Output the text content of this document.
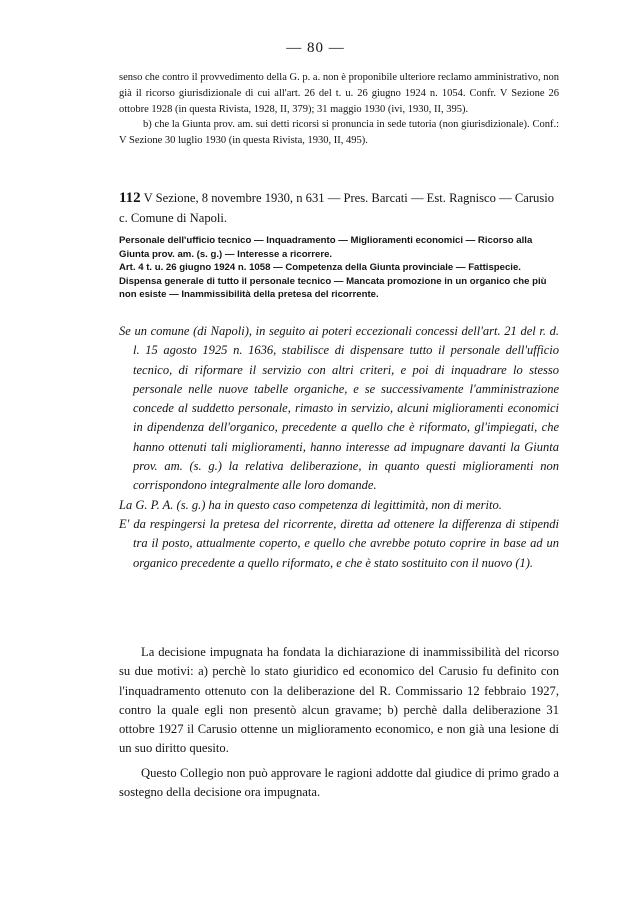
— 80 —

senso che contro il provvedimento della G. p. a. non è proponibile ulteriore reclamo amministrativo, non già il ricorso giurisdizionale di cui all'art. 26 del t. u. 26 giugno 1924 n. 1054. Confr. V Sezione 26 ottobre 1928 (in questa Rivista, 1928, II, 379); 31 maggio 1930 (ivi, 1930, II, 395).

b) che la Giunta prov. am. sui detti ricorsi si pronuncia in sede tutoria (non giurisdizionale). Conf.: V Sezione 30 luglio 1930 (in questa Rivista, 1930, II, 495).

112 V Sezione, 8 novembre 1930, n 631 — Pres. Barcati — Est. Ragnisco — Carusio c. Comune di Napoli.

Personale dell'ufficio tecnico — Inquadramento — Miglioramenti economici — Ricorso alla Giunta prov. am. (s. g.) — Interesse a ricorrere.

Art. 4 t. u. 26 giugno 1924 n. 1058 — Competenza della Giunta provinciale — Fattispecie.

Dispensa generale di tutto il personale tecnico — Mancata promozione in un organico che più non esiste — Inammissibilità della pretesa del ricorrente.

Se un comune (di Napoli), in seguito ai poteri eccezionali concessi dell'art. 21 del r. d. l. 15 agosto 1925 n. 1636, stabilisce di dispensare tutto il personale dell'ufficio tecnico, di riformare il servizio con altri criteri, e poi di inquadrare lo stesso personale nelle nuove tabelle organiche, e se successivamente l'amministrazione concede al suddetto personale, rimasto in servizio, alcuni miglioramenti economici in dipendenza dell'organico, precedente a quello che è riformato, gl'impiegati, che hanno ottenuti tali miglioramenti, hanno interesse ad impugnare davanti la Giunta prov. am. (s. g.) la relativa deliberazione, in quanto questi miglioramenti non corrispondono integralmente alle loro domande.

La G. P. A. (s. g.) ha in questo caso competenza di legittimità, non di merito.

E' da respingersi la pretesa del ricorrente, diretta ad ottenere la differenza di stipendi tra il posto, attualmente coperto, e quello che avrebbe potuto coprire in base ad un organico precedente a quello riformato, e che è stato sostituito con il nuovo (1).

La decisione impugnata ha fondata la dichiarazione di inammissibilità del ricorso su due motivi: a) perchè lo stato giuridico ed economico del Carusio fu definito con l'inquadramento ottenuto con la deliberazione del R. Commissario 12 febbraio 1927, contro la quale egli non presentò alcun gravame; b) perchè dalla deliberazione 31 ottobre 1927 il Carusio ottenne un miglioramento economico, e non già una lesione di un suo diritto quesito.

Questo Collegio non può approvare le ragioni addotte dal giudice di primo grado a sostegno della decisione ora impugnata.
